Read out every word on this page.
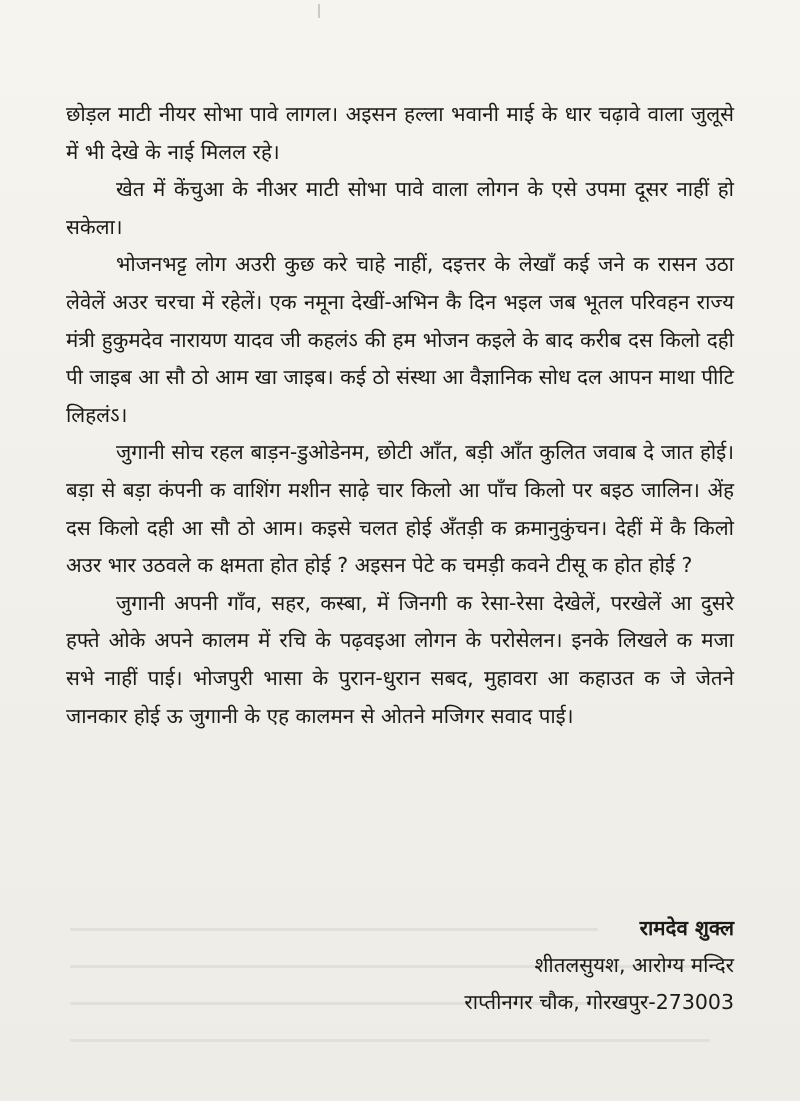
छोड़ल माटी नीयर सोभा पावे लागल। अइसन हल्ला भवानी माई के धार चढ़ावे वाला जुलूसे में भी देखे के नाई मिलल रहे।

खेत में केंचुआ के नीअर माटी सोभा पावे वाला लोगन के एसे उपमा दूसर नाहीं हो सकेला।

भोजनभट्ट लोग अउरी कुछ करे चाहे नाहीं, दइत्तर के लेखाँ कई जने क रासन उठा लेवेलें अउर चरचा में रहेलें। एक नमूना देखीं-अभिन कै दिन भइल जब भूतल परिवहन राज्य मंत्री हुकुमदेव नारायण यादव जी कहलंऽ की हम भोजन कइले के बाद करीब दस किलो दही पी जाइब आ सौ ठो आम खा जाइब। कई ठो संस्था आ वैज्ञानिक सोध दल आपन माथा पीटि लिहलंऽ।

जुगानी सोच रहल बाड़न-डुओडेनम, छोटी आँत, बड़ी आँत कुलित जवाब दे जात होई। बड़ा से बड़ा कंपनी क वाशिंग मशीन साढ़े चार किलो आ पाँच किलो पर बइठ जालिन। अेंह दस किलो दही आ सौ ठो आम। कइसे चलत होई अँतड़ी क क्रमानुकुंचन। देहीं में कै किलो अउर भार उठवले क क्षमता होत होई ? अइसन पेटे क चमड़ी कवने टीसू क होत होई ?

जुगानी अपनी गाँव, सहर, कस्बा, में जिनगी क रेसा-रेसा देखेलें, परखेलें आ दुसरे हफ्ते ओके अपने कालम में रचि के पढ़वइआ लोगन के परोसेलन। इनके लिखले क मजा सभे नाहीं पाई। भोजपुरी भासा के पुरान-धुरान सबद, मुहावरा आ कहाउत क जे जेतने जानकार होई ऊ जुगानी के एह कालमन से ओतने मजिगर सवाद पाई।

रामदेव शुक्ल
शीतलसुयश, आरोग्य मन्दिर
राप्तीनगर चौक, गोरखपुर-273003
